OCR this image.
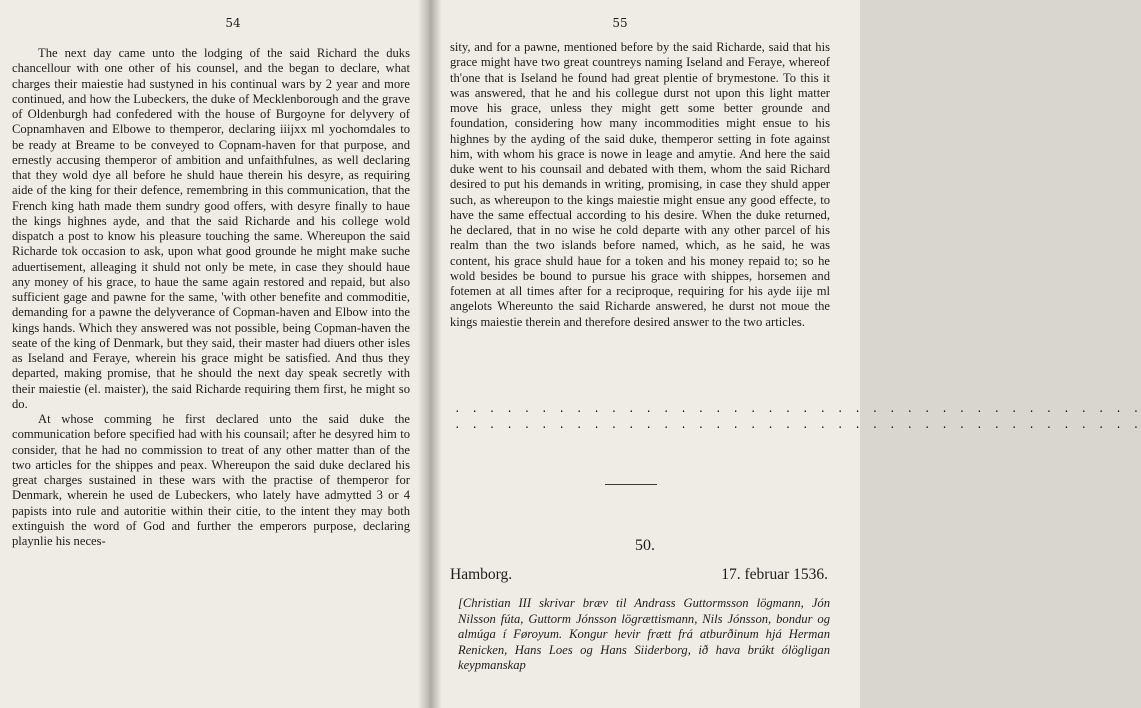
54

The next day came unto the lodging of the said Richard the duks chancellour with one other of his counsel, and the began to declare, what charges their maiestie had sustyned in his continual wars by 2 year and more continued, and how the Lubeckers, the duke of Mecklenborough and the grave of Oldenburgh had confedered with the house of Burgoyne for delyvery of Copnamhaven and Elbowe to themperor, declaring iiijxx ml yochomdales to be ready at Breame to be conveyed to Copnam-haven for that purpose, and ernestly accusing themperor of ambition and unfaithfulnes, as well declaring that they wold dye all before he shuld haue therein his desyre, as requiring aide of the king for their defence, remembring in this communication, that the French king hath made them sundry good offers, with desyre finally to haue the kings highnes ayde, and that the said Richarde and his college wold dispatch a post to know his pleasure touching the same. Whereupon the said Richarde tok occasion to ask, upon what good grounde he might make suche aduertisement, alleaging it shuld not only be mete, in case they should haue any money of his grace, to haue the same again restored and repaid, but also sufficient gage and pawne for the same, 'with other benefite and commoditie, demanding for a pawne the delyverance of Copman-haven and Elbow into the kings hands. Which they answered was not possible, being Copman-haven the seate of the king of Denmark, but they said, their master had diuers other isles as Iseland and Feraye, wherein his grace might be satisfied. And thus they departed, making promise, that he should the next day speak secretly with their maiestie (el. maister), the said Richarde requiring them first, he might so do.

At whose comming he first declared unto the said duke the communication before specified had with his counsail; after he desyred him to consider, that he had no commission to treat of any other matter than of the two articles for the shippes and peax. Whereupon the said duke declared his great charges sustained in these wars with the practise of themperor for Denmark, wherein he used de Lubeckers, who lately have admytted 3 or 4 papists into rule and autoritie within their citie, to the intent they may both extinguish the word of God and further the emperors purpose, declaring playnlie his neces-

55

sity, and for a pawne, mentioned before by the said Richarde, said that his grace might have two great countreys naming Iseland and Feraye, whereof th'one that is Iseland he found had great plentie of brymestone. To this it was answered, that he and his collegue durst not upon this light matter move his grace, unless they might gett some better grounde and foundation, considering how many incommodities might ensue to his highnes by the ayding of the said duke, themperor setting in fote against him, with whom his grace is nowe in leage and amytie. And here the said duke went to his counsail and debated with them, whom the said Richard desired to put his demands in writing, promising, in case they shuld apper such, as whereupon to the kings maiestie might ensue any good effecte, to have the same effectual according to his desire. When the duke returned, he declared, that in no wise he cold departe with any other parcel of his realm than the two islands before named, which, as he said, he was content, his grace shuld haue for a token and his money repaid to; so he wold besides be bound to pursue his grace with shippes, horsemen and fotemen at all times after for a reciproque, requiring for his ayde iije ml angelots Whereunto the said Richarde answered, he durst not moue the kings maiestie therein and therefore desired answer to the two articles.

. . . . . . . . . . . . . . . . . . . . . . . . . . . . . . . . . . . . . . . .
. . . . . . . . . . . . . . . . . . . . . . . . . . . . . . . . . . . . . . . .
50.
Hamborg.	17. februar 1536.

[Christian III skrivar bræv til Andrass Guttormsson lögmann, Jón Nilsson fúta, Guttorm Jónsson lögrættismann, Nils Jónsson, bondur og almúga í Føroyum. Kongur hevir frætt frá atburðinum hjá Herman Renicken, Hans Loes og Hans Siiderborg, ið hava brúkt ólögligan keypmanskap
